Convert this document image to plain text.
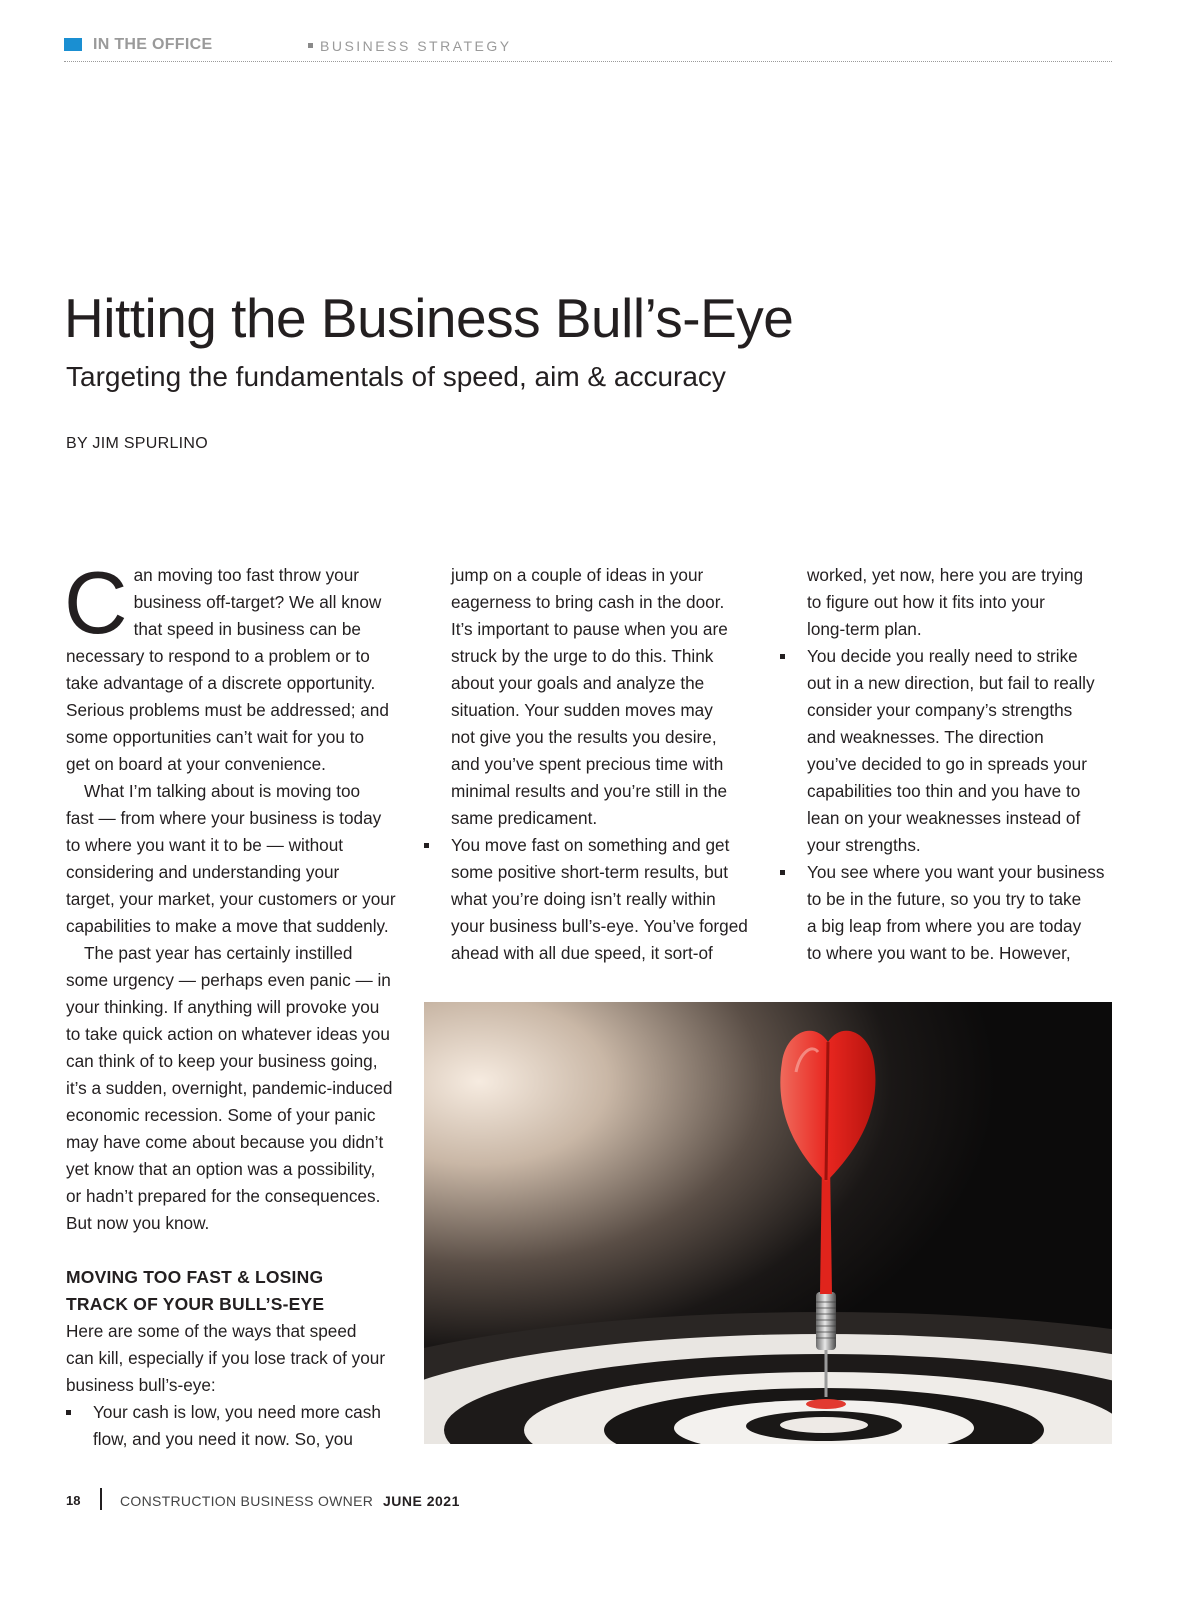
IN THE OFFICE	BUSINESS STRATEGY
Hitting the Business Bull’s-Eye
Targeting the fundamentals of speed, aim & accuracy
BY JIM SPURLINO
C an moving too fast throw your
business off-target? We all know
that speed in business can be
necessary to respond to a problem or to
take advantage of a discrete opportunity.
Serious problems must be addressed; and
some opportunities can’t wait for you to
get on board at your convenience.
What I’m talking about is moving too
fast — from where your business is today
to where you want it to be — without
considering and understanding your
target, your market, your customers or your
capabilities to make a move that suddenly.
The past year has certainly instilled
some urgency — perhaps even panic — in
your thinking. If anything will provoke you
to take quick action on whatever ideas you
can think of to keep your business going,
it’s a sudden, overnight, pandemic-induced
economic recession. Some of your panic
may have come about because you didn’t
yet know that an option was a possibility,
or hadn’t prepared for the consequences.
But now you know.
MOVING TOO FAST & LOSING
TRACK OF YOUR BULL’S-EYE
Here are some of the ways that speed
can kill, especially if you lose track of your
business bull’s-eye:
Your cash is low, you need more cash
flow, and you need it now. So, you
jump on a couple of ideas in your
eagerness to bring cash in the door.
It’s important to pause when you are
struck by the urge to do this. Think
about your goals and analyze the
situation. Your sudden moves may
not give you the results you desire,
and you’ve spent precious time with
minimal results and you’re still in the
same predicament.
You move fast on something and get
some positive short-term results, but
what you’re doing isn’t really within
your business bull’s-eye. You’ve forged
ahead with all due speed, it sort-of
worked, yet now, here you are trying
to figure out how it fits into your
long-term plan.
You decide you really need to strike
out in a new direction, but fail to really
consider your company’s strengths
and weaknesses. The direction
you’ve decided to go in spreads your
capabilities too thin and you have to
lean on your weaknesses instead of
your strengths.
You see where you want your business
to be in the future, so you try to take
a big leap from where you are today
to where you want to be. However,
18	CONSTRUCTION BUSINESS OWNER JUNE 2021
